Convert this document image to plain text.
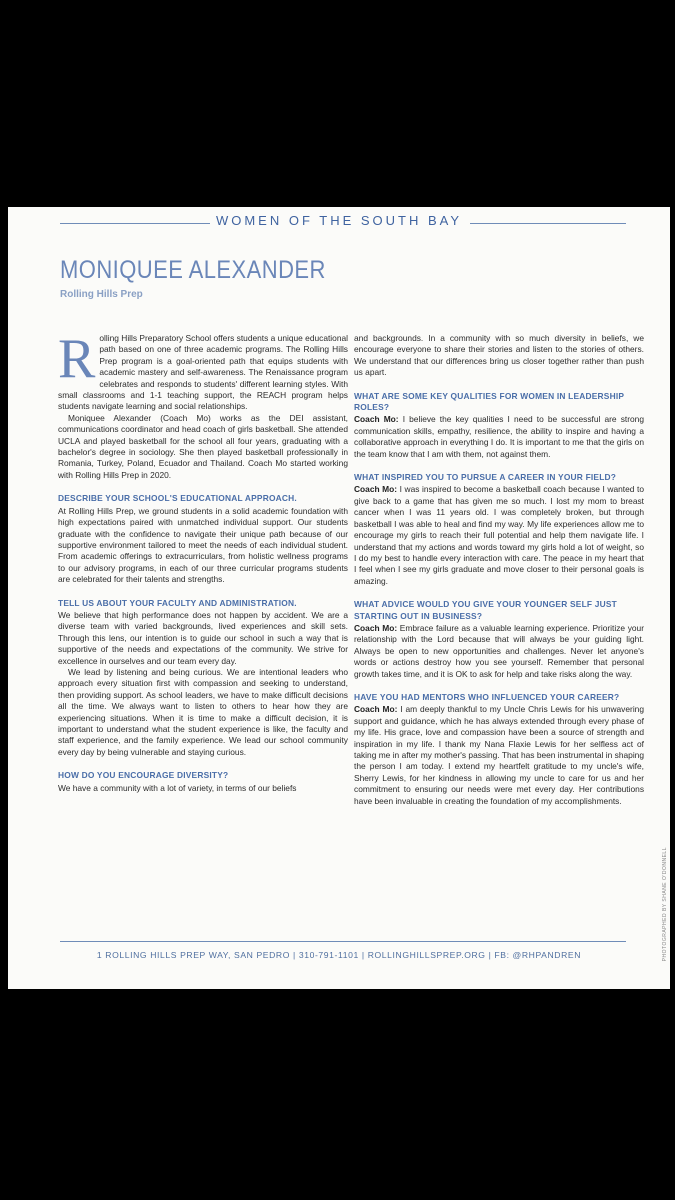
WOMEN OF THE SOUTH BAY
MONIQUEE ALEXANDER
Rolling Hills Prep

Rolling Hills Preparatory School offers students a unique educational path based on one of three academic programs. The Rolling Hills Prep program is a goal-oriented path that equips students with academic mastery and self-awareness. The Renaissance program celebrates and responds to students' different learning styles. With small classrooms and 1-1 teaching support, the REACH program helps students navigate learning and social relationships.

Moniquee Alexander (Coach Mo) works as the DEI assistant, communications coordinator and head coach of girls basketball. She attended UCLA and played basketball for the school all four years, graduating with a bachelor's degree in sociology. She then played basketball professionally in Romania, Turkey, Poland, Ecuador and Thailand. Coach Mo started working with Rolling Hills Prep in 2020.

DESCRIBE YOUR SCHOOL'S EDUCATIONAL APPROACH.

At Rolling Hills Prep, we ground students in a solid academic foundation with high expectations paired with unmatched individual support. Our students graduate with the confidence to navigate their unique path because of our supportive environment tailored to meet the needs of each individual student. From academic offerings to extracurriculars, from holistic wellness programs to our advisory programs, in each of our three curricular programs students are celebrated for their talents and strengths.

TELL US ABOUT YOUR FACULTY AND ADMINISTRATION.

We believe that high performance does not happen by accident. We are a diverse team with varied backgrounds, lived experiences and skill sets. Through this lens, our intention is to guide our school in such a way that is supportive of the needs and expectations of the community. We strive for excellence in ourselves and our team every day.

We lead by listening and being curious. We are intentional leaders who approach every situation first with compassion and seeking to understand, then providing support. As school leaders, we have to make difficult decisions all the time. We always want to listen to others to hear how they are experiencing situations. When it is time to make a difficult decision, it is important to understand what the student experience is like, the faculty and staff experience, and the family experience. We lead our school community every day by being vulnerable and staying curious.

HOW DO YOU ENCOURAGE DIVERSITY?

We have a community with a lot of variety, in terms of our beliefs

and backgrounds. In a community with so much diversity in beliefs, we encourage everyone to share their stories and listen to the stories of others. We understand that our differences bring us closer together rather than push us apart.

WHAT ARE SOME KEY QUALITIES FOR WOMEN IN LEADERSHIP ROLES?

Coach Mo: I believe the key qualities I need to be successful are strong communication skills, empathy, resilience, the ability to inspire and having a collaborative approach in everything I do. It is important to me that the girls on the team know that I am with them, not against them.

WHAT INSPIRED YOU TO PURSUE A CAREER IN YOUR FIELD?

Coach Mo: I was inspired to become a basketball coach because I wanted to give back to a game that has given me so much. I lost my mom to breast cancer when I was 11 years old. I was completely broken, but through basketball I was able to heal and find my way. My life experiences allow me to encourage my girls to reach their full potential and help them navigate life. I understand that my actions and words toward my girls hold a lot of weight, so I do my best to handle every interaction with care. The peace in my heart that I feel when I see my girls graduate and move closer to their personal goals is amazing.

WHAT ADVICE WOULD YOU GIVE YOUR YOUNGER SELF JUST STARTING OUT IN BUSINESS?

Coach Mo: Embrace failure as a valuable learning experience. Prioritize your relationship with the Lord because that will always be your guiding light. Always be open to new opportunities and challenges. Never let anyone's words or actions destroy how you see yourself. Remember that personal growth takes time, and it is OK to ask for help and take risks along the way.

HAVE YOU HAD MENTORS WHO INFLUENCED YOUR CAREER?

Coach Mo: I am deeply thankful to my Uncle Chris Lewis for his unwavering support and guidance, which he has always extended through every phase of my life. His grace, love and compassion have been a source of strength and inspiration in my life. I thank my Nana Flaxie Lewis for her selfless act of taking me in after my mother's passing. That has been instrumental in shaping the person I am today. I extend my heartfelt gratitude to my uncle's wife, Sherry Lewis, for her kindness in allowing my uncle to care for us and her commitment to ensuring our needs were met every day. Her contributions have been invaluable in creating the foundation of my accomplishments.

PHOTOGRAPHED BY SHANE O'DONNELL
1 ROLLING HILLS PREP WAY, SAN PEDRO | 310-791-1101 | ROLLINGHILLSPREP.ORG | FB: @RHPANDREN
